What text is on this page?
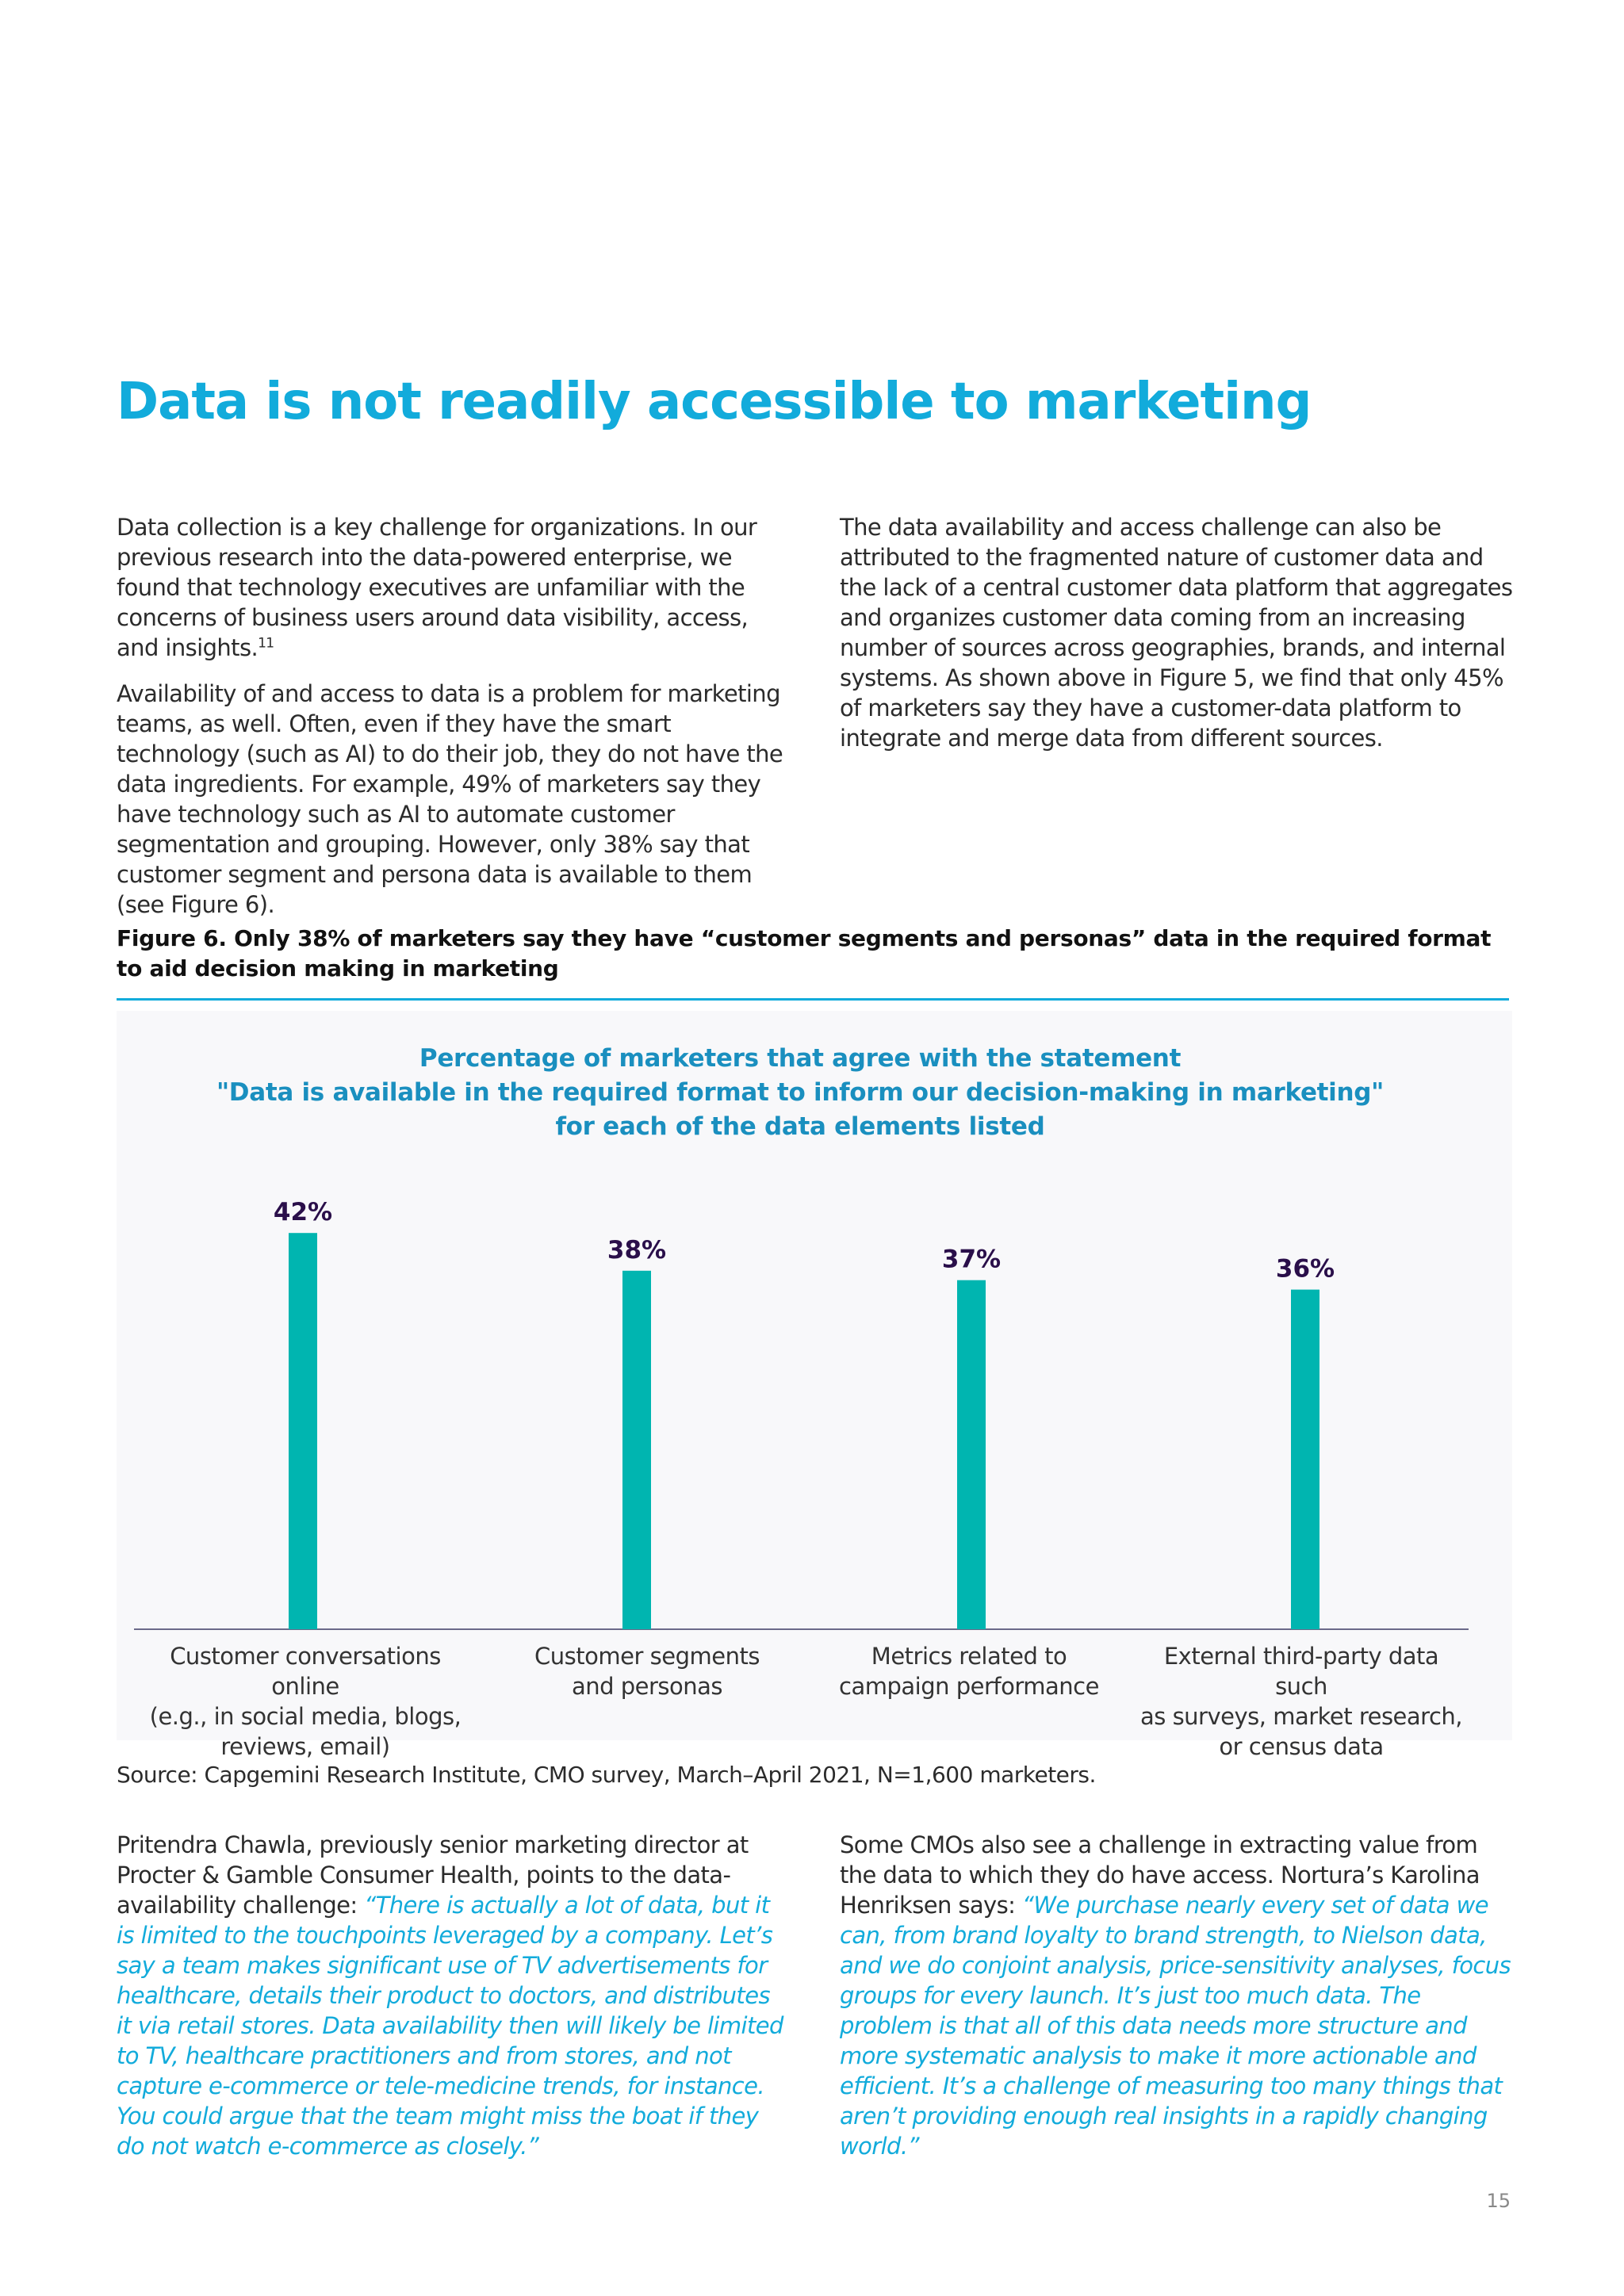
Data is not readily accessible to marketing

Data collection is a key challenge for organizations. In our previous research into the data-powered enterprise, we found that technology executives are unfamiliar with the concerns of business users around data visibility, access, and insights.$^{11}$

Availability of and access to data is a problem for marketing teams, as well. Often, even if they have the smart technology (such as AI) to do their job, they do not have the data ingredients. For example, 49% of marketers say they have technology such as AI to automate customer segmentation and grouping. However, only 38% say that customer segment and persona data is available to them (see Figure 6).

The data availability and access challenge can also be attributed to the fragmented nature of customer data and the lack of a central customer data platform that aggregates and organizes customer data coming from an increasing number of sources across geographies, brands, and internal systems. As shown above in Figure 5, we find that only 45% of marketers say they have a customer-data platform to integrate and merge data from different sources.

Figure 6. Only 38% of marketers say they have “customer segments and personas” data in the required format to aid decision making in marketing
Percentage of marketers that agree with the statement
"Data is available in the required format to inform our decision-making in marketing"
for each of the data elements listed
42%
38%	37%	36%
Customer conversations online
(e.g., in social media, blogs,
reviews, email)
Customer segments
and personas
Metrics related to
campaign performance
External third-party data such
as surveys, market research,
or census data
Source: Capgemini Research Institute, CMO survey, March–April 2021, N=1,600 marketers.

Pritendra Chawla, previously senior marketing director at Procter & Gamble Consumer Health, points to the data-availability challenge: “There is actually a lot of data, but it is limited to the touchpoints leveraged by a company. Let’s say a team makes significant use of TV advertisements for healthcare, details their product to doctors, and distributes it via retail stores. Data availability then will likely be limited to TV, healthcare practitioners and from stores, and not capture e-commerce or tele-medicine trends, for instance. You could argue that the team might miss the boat if they do not watch e-commerce as closely.”

Some CMOs also see a challenge in extracting value from the data to which they do have access. Nortura’s Karolina Henriksen says: “We purchase nearly every set of data we can, from brand loyalty to brand strength, to Nielson data, and we do conjoint analysis, price-sensitivity analyses, focus groups for every launch. It’s just too much data. The problem is that all of this data needs more structure and more systematic analysis to make it more actionable and efficient. It’s a challenge of measuring too many things that aren’t providing enough real insights in a rapidly changing world.”

15
